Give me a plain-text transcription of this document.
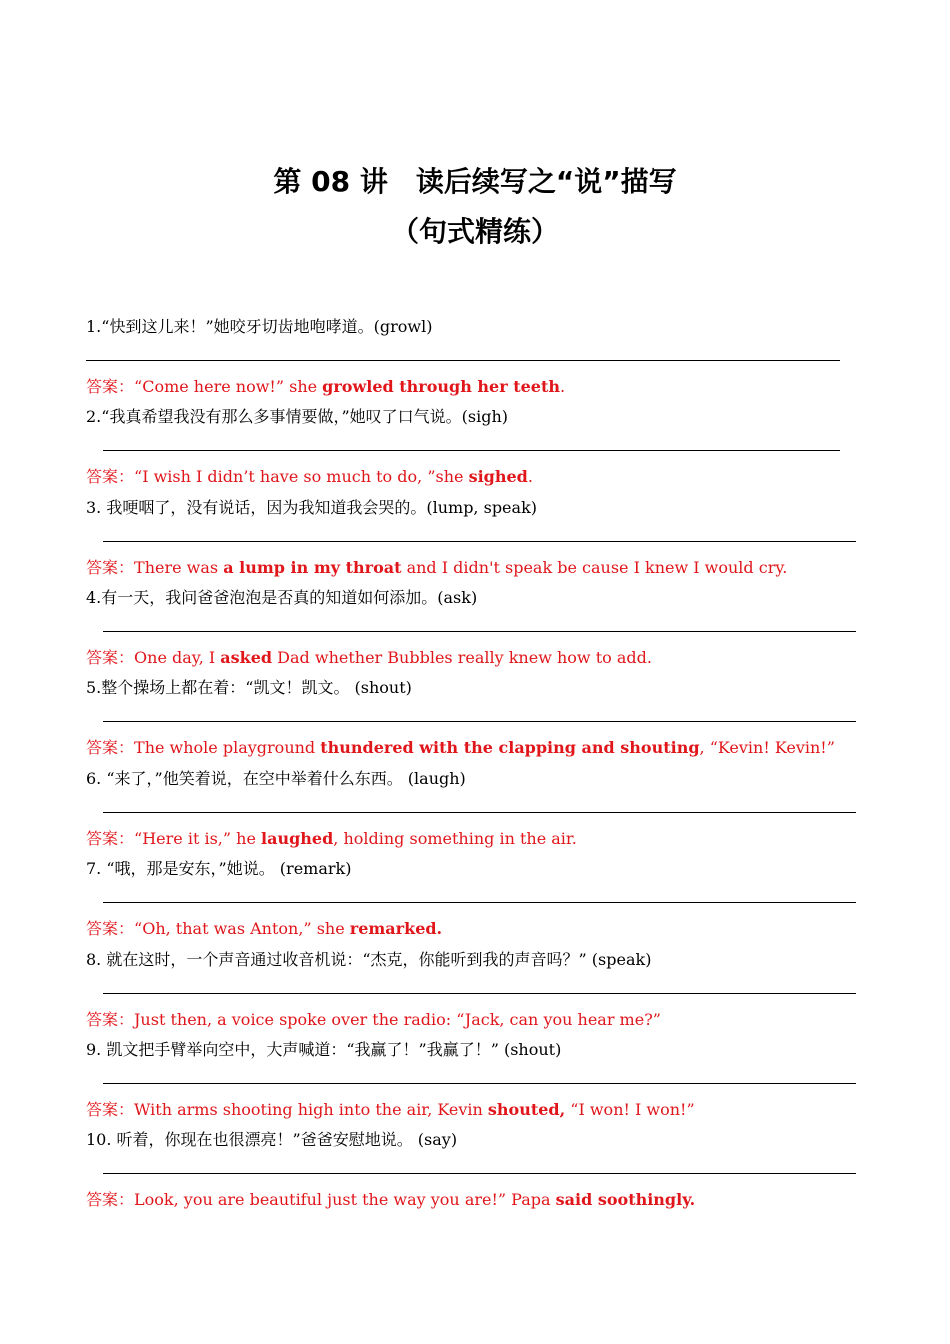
第 08 讲　读后续写之“说”描写
（句式精练）
1.“快到这儿来！”她咬牙切齿地咆哮道。(growl)
答案：“Come here now!” she growled through her teeth.
2.“我真希望我没有那么多事情要做，”她叹了口气说。(sigh)
答案：“I wish I didn’t have so much to do, ”she sighed.
3. 我哽咽了，没有说话，因为我知道我会哭的。(lump, speak)
答案：There was a lump in my throat and I didn't speak be cause I knew I would cry.
4.有一天，我问爸爸泡泡是否真的知道如何添加。(ask)
答案：One day, I asked Dad whether Bubbles really knew how to add.
5.整个操场上都在着：“凯文！凯文。 (shout)
答案：The whole playground thundered with the clapping and shouting, “Kevin! Kevin!”
6. “来了，”他笑着说，在空中举着什么东西。 (laugh)
答案：“Here it is,” he laughed, holding something in the air.
7. “哦，那是安东，”她说。 (remark)
答案：“Oh, that was Anton,” she remarked.
8. 就在这时，一个声音通过收音机说：“杰克，你能听到我的声音吗？” (speak)
答案：Just then, a voice spoke over the radio: “Jack, can you hear me?”
9. 凯文把手臂举向空中，大声喊道：“我赢了！”我赢了！” (shout)
答案：With arms shooting high into the air, Kevin shouted, “I won! I won!”
10. 听着，你现在也很漂亮！”爸爸安慰地说。 (say)
答案：Look, you are beautiful just the way you are!” Papa said soothingly.
